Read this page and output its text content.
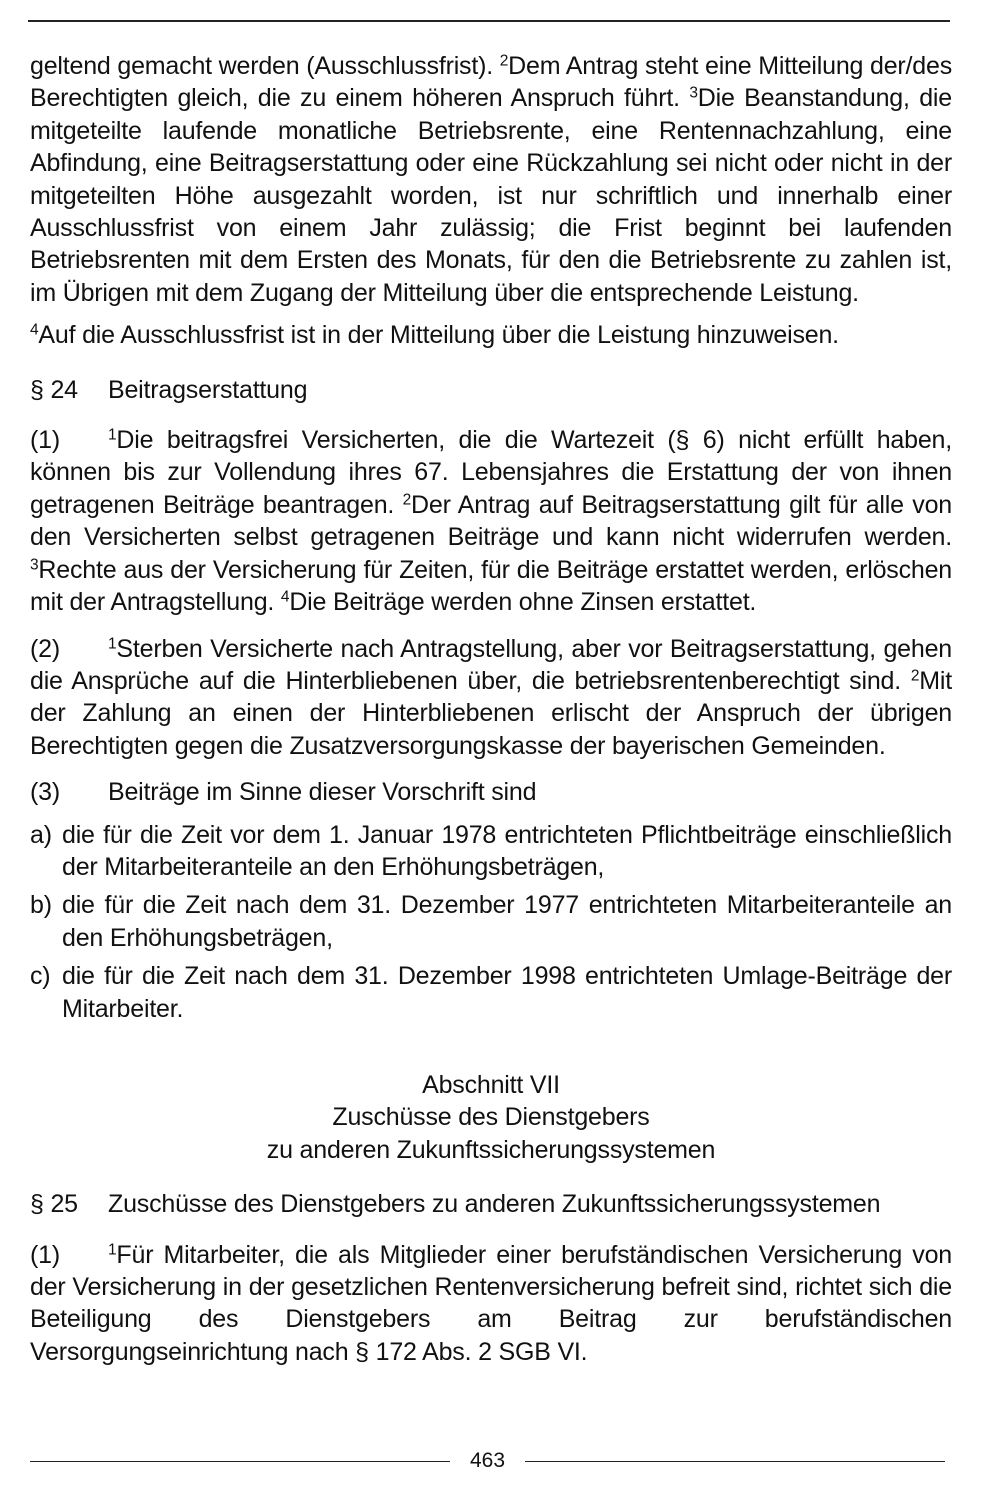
geltend gemacht werden (Ausschlussfrist). $^2$Dem Antrag steht eine Mitteilung der/des Berechtigten gleich, die zu einem höheren Anspruch führt. $^3$Die Beanstandung, die mitgeteilte laufende monatliche Betriebsrente, eine Rentennachzahlung, eine Abfindung, eine Beitragserstattung oder eine Rückzahlung sei nicht oder nicht in der mitgeteilten Höhe ausgezahlt worden, ist nur schriftlich und innerhalb einer Ausschlussfrist von einem Jahr zulässig; die Frist beginnt bei laufenden Betriebsrenten mit dem Ersten des Monats, für den die Betriebsrente zu zahlen ist, im Übrigen mit dem Zugang der Mitteilung über die entsprechende Leistung.

$^4$Auf die Ausschlussfrist ist in der Mitteilung über die Leistung hinzuweisen.

§ 24 Beitragserstattung

(1)	$^1$Die beitragsfrei Versicherten, die die Wartezeit (§ 6) nicht erfüllt haben, können bis zur Vollendung ihres 67. Lebensjahres die Erstattung der von ihnen getragenen Beiträge beantragen. $^2$Der Antrag auf Beitragserstattung gilt für alle von den Versicherten selbst getragenen Beiträge und kann nicht widerrufen werden. $^3$Rechte aus der Versicherung für Zeiten, für die Beiträge erstattet werden, erlöschen mit der Antragstellung. $^4$Die Beiträge werden ohne Zinsen erstattet.

(2)	$^1$Sterben Versicherte nach Antragstellung, aber vor Beitragserstattung, gehen die Ansprüche auf die Hinterbliebenen über, die betriebsrentenberechtigt sind. $^2$Mit der Zahlung an einen der Hinterbliebenen erlischt der Anspruch der übrigen Berechtigten gegen die Zusatzversorgungskasse der bayerischen Gemeinden.

(3) Beiträge im Sinne dieser Vorschrift sind

a) die für die Zeit vor dem 1. Januar 1978 entrichteten Pflichtbeiträge einschließlich der Mitarbeiteranteile an den Erhöhungsbeträgen,
b) die für die Zeit nach dem 31. Dezember 1977 entrichteten Mitarbeiteranteile an den Erhöhungsbeträgen,
c) die für die Zeit nach dem 31. Dezember 1998 entrichteten Umlage-Beiträge der Mitarbeiter.
Abschnitt VII
Zuschüsse des Dienstgebers
zu anderen Zukunftssicherungssystemen
§ 25 Zuschüsse des Dienstgebers zu anderen Zukunftssicherungssystemen

(1)	$^1$Für Mitarbeiter, die als Mitglieder einer berufständischen Versicherung von der Versicherung in der gesetzlichen Rentenversicherung befreit sind, richtet sich die Beteiligung des Dienstgebers am Beitrag zur berufständischen Versorgungseinrichtung nach § 172 Abs. 2 SGB VI.

463
